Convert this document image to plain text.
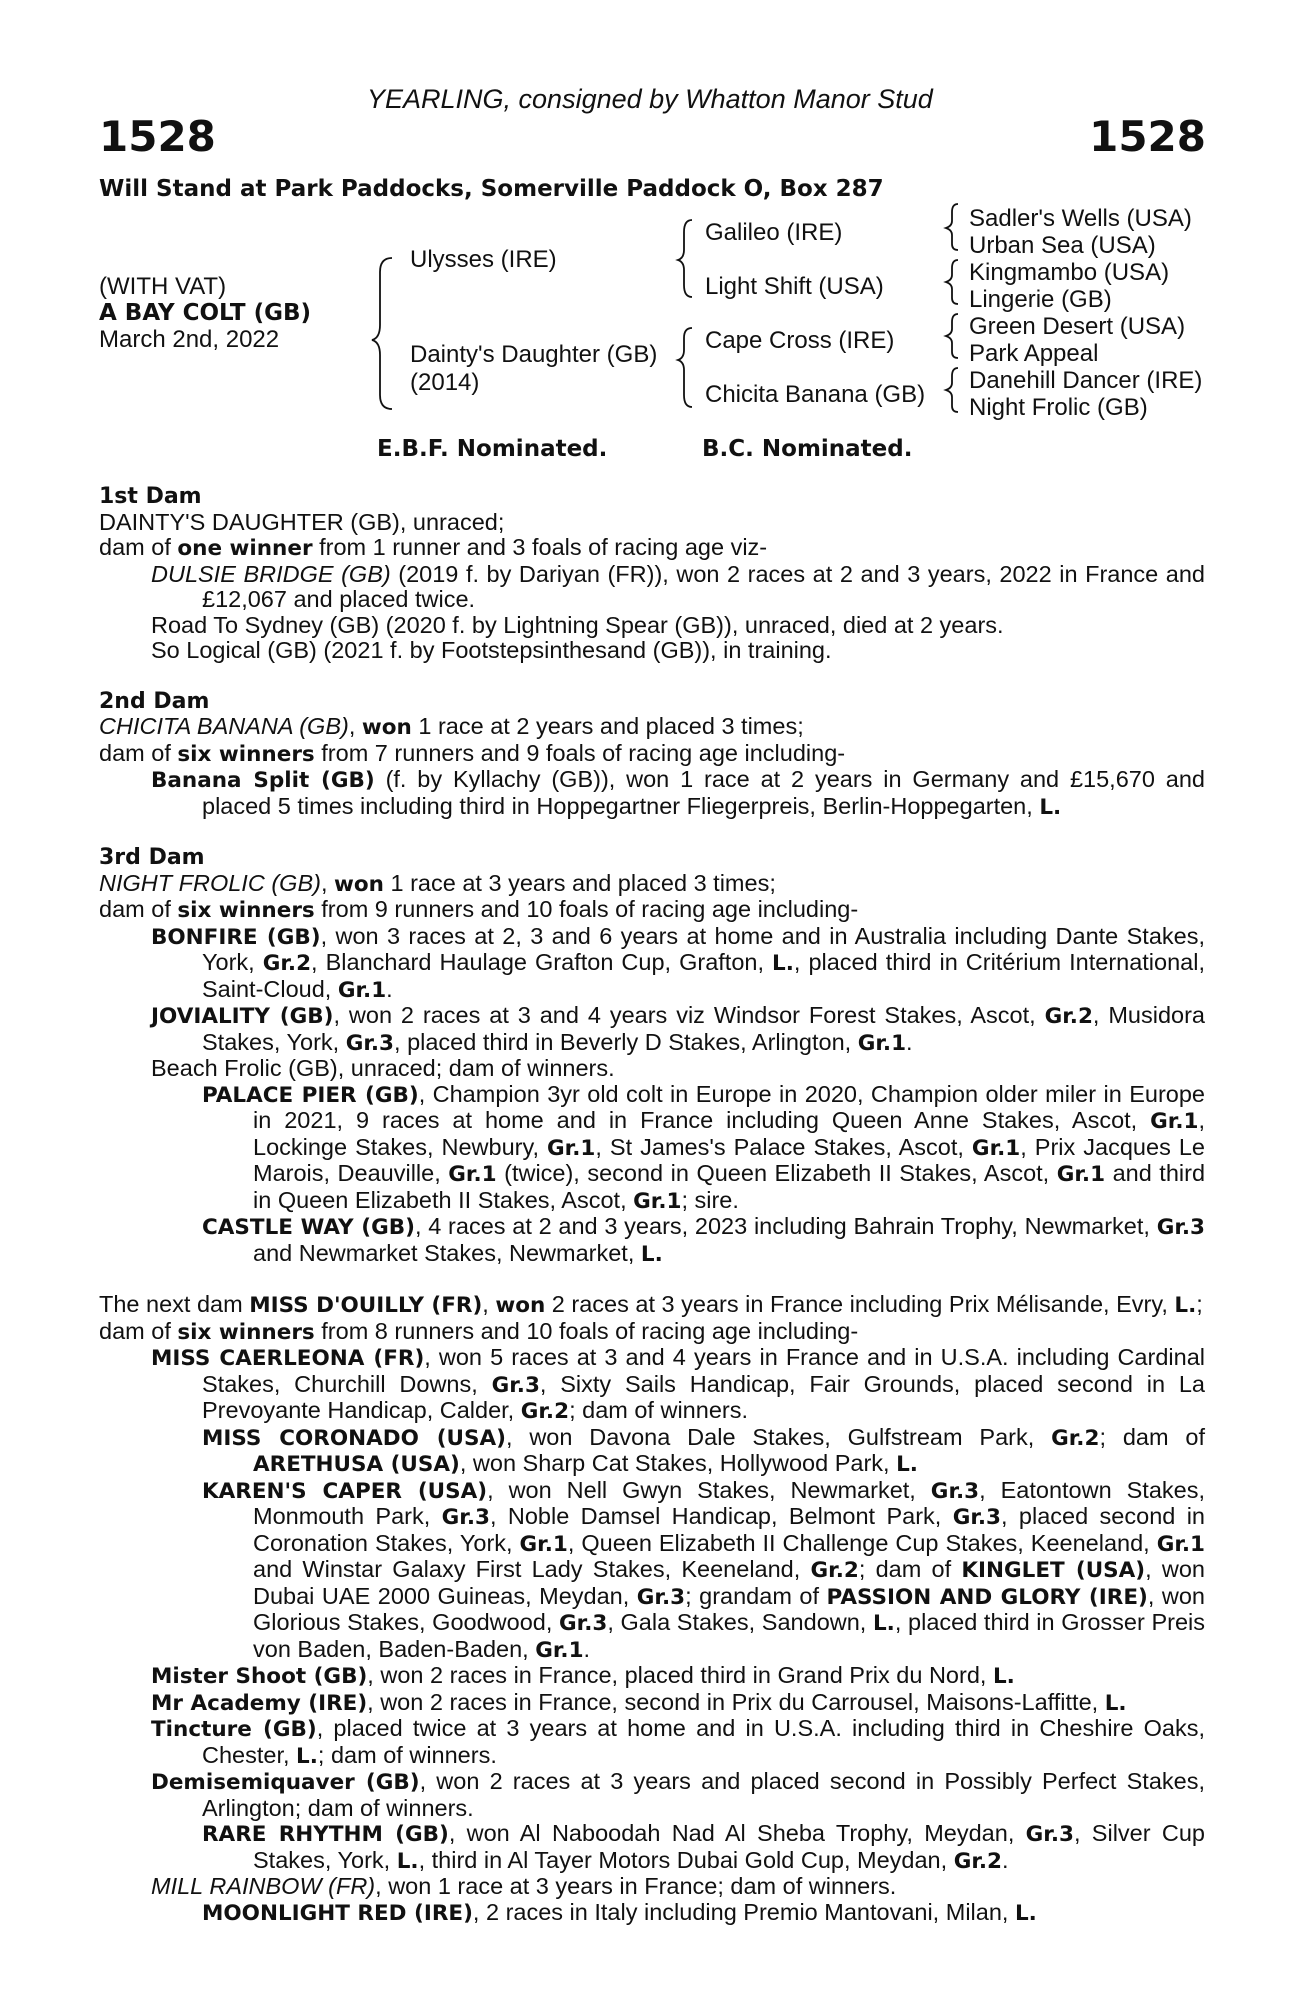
YEARLING, consigned by Whatton Manor Stud
1528	1528
Will Stand at Park Paddocks, Somerville Paddock O, Box 287
(WITH VAT)
A BAY COLT (GB)
March 2nd, 2022
Ulysses (IRE)
Dainty's Daughter (GB)
(2014)
Galileo (IRE)
Light Shift (USA)
Cape Cross (IRE)
Chicita Banana (GB)
Sadler's Wells (USA)
Urban Sea (USA)
Kingmambo (USA)
Lingerie (GB)
Green Desert (USA)
Park Appeal
Danehill Dancer (IRE)
Night Frolic (GB)
E.B.F. Nominated.	B.C. Nominated.
1st Dam
DAINTY'S DAUGHTER (GB), unraced;
dam of one winner from 1 runner and 3 foals of racing age viz-
DULSIE BRIDGE (GB) (2019 f. by Dariyan (FR)), won 2 races at 2 and 3 years, 2022 in France and £12,067 and placed twice.
Road To Sydney (GB) (2020 f. by Lightning Spear (GB)), unraced, died at 2 years.
So Logical (GB) (2021 f. by Footstepsinthesand (GB)), in training.
2nd Dam
CHICITA BANANA (GB), won 1 race at 2 years and placed 3 times;
dam of six winners from 7 runners and 9 foals of racing age including-
Banana Split (GB) (f. by Kyllachy (GB)), won 1 race at 2 years in Germany and £15,670 and placed 5 times including third in Hoppegartner Fliegerpreis, Berlin-Hoppegarten, L.
3rd Dam
NIGHT FROLIC (GB), won 1 race at 3 years and placed 3 times;
dam of six winners from 9 runners and 10 foals of racing age including-
BONFIRE (GB), won 3 races at 2, 3 and 6 years at home and in Australia including Dante Stakes, York, Gr.2, Blanchard Haulage Grafton Cup, Grafton, L., placed third in Critérium International, Saint-Cloud, Gr.1.
JOVIALITY (GB), won 2 races at 3 and 4 years viz Windsor Forest Stakes, Ascot, Gr.2, Musidora Stakes, York, Gr.3, placed third in Beverly D Stakes, Arlington, Gr.1.
Beach Frolic (GB), unraced; dam of winners.
PALACE PIER (GB), Champion 3yr old colt in Europe in 2020, Champion older miler in Europe in 2021, 9 races at home and in France including Queen Anne Stakes, Ascot, Gr.1, Lockinge Stakes, Newbury, Gr.1, St James's Palace Stakes, Ascot, Gr.1, Prix Jacques Le Marois, Deauville, Gr.1 (twice), second in Queen Elizabeth II Stakes, Ascot, Gr.1 and third in Queen Elizabeth II Stakes, Ascot, Gr.1; sire.
CASTLE WAY (GB), 4 races at 2 and 3 years, 2023 including Bahrain Trophy, Newmarket, Gr.3 and Newmarket Stakes, Newmarket, L.
The next dam MISS D'OUILLY (FR), won 2 races at 3 years in France including Prix Mélisande, Evry, L.;
dam of six winners from 8 runners and 10 foals of racing age including-
MISS CAERLEONA (FR), won 5 races at 3 and 4 years in France and in U.S.A. including Cardinal Stakes, Churchill Downs, Gr.3, Sixty Sails Handicap, Fair Grounds, placed second in La Prevoyante Handicap, Calder, Gr.2; dam of winners.
MISS CORONADO (USA), won Davona Dale Stakes, Gulfstream Park, Gr.2; dam of ARETHUSA (USA), won Sharp Cat Stakes, Hollywood Park, L.
KAREN'S CAPER (USA), won Nell Gwyn Stakes, Newmarket, Gr.3, Eatontown Stakes, Monmouth Park, Gr.3, Noble Damsel Handicap, Belmont Park, Gr.3, placed second in Coronation Stakes, York, Gr.1, Queen Elizabeth II Challenge Cup Stakes, Keeneland, Gr.1 and Winstar Galaxy First Lady Stakes, Keeneland, Gr.2; dam of KINGLET (USA), won Dubai UAE 2000 Guineas, Meydan, Gr.3; grandam of PASSION AND GLORY (IRE), won Glorious Stakes, Goodwood, Gr.3, Gala Stakes, Sandown, L., placed third in Grosser Preis von Baden, Baden-Baden, Gr.1.
Mister Shoot (GB), won 2 races in France, placed third in Grand Prix du Nord, L.
Mr Academy (IRE), won 2 races in France, second in Prix du Carrousel, Maisons-Laffitte, L.
Tincture (GB), placed twice at 3 years at home and in U.S.A. including third in Cheshire Oaks, Chester, L.; dam of winners.
Demisemiquaver (GB), won 2 races at 3 years and placed second in Possibly Perfect Stakes, Arlington; dam of winners.
RARE RHYTHM (GB), won Al Naboodah Nad Al Sheba Trophy, Meydan, Gr.3, Silver Cup Stakes, York, L., third in Al Tayer Motors Dubai Gold Cup, Meydan, Gr.2.
MILL RAINBOW (FR), won 1 race at 3 years in France; dam of winners.
MOONLIGHT RED (IRE), 2 races in Italy including Premio Mantovani, Milan, L.
